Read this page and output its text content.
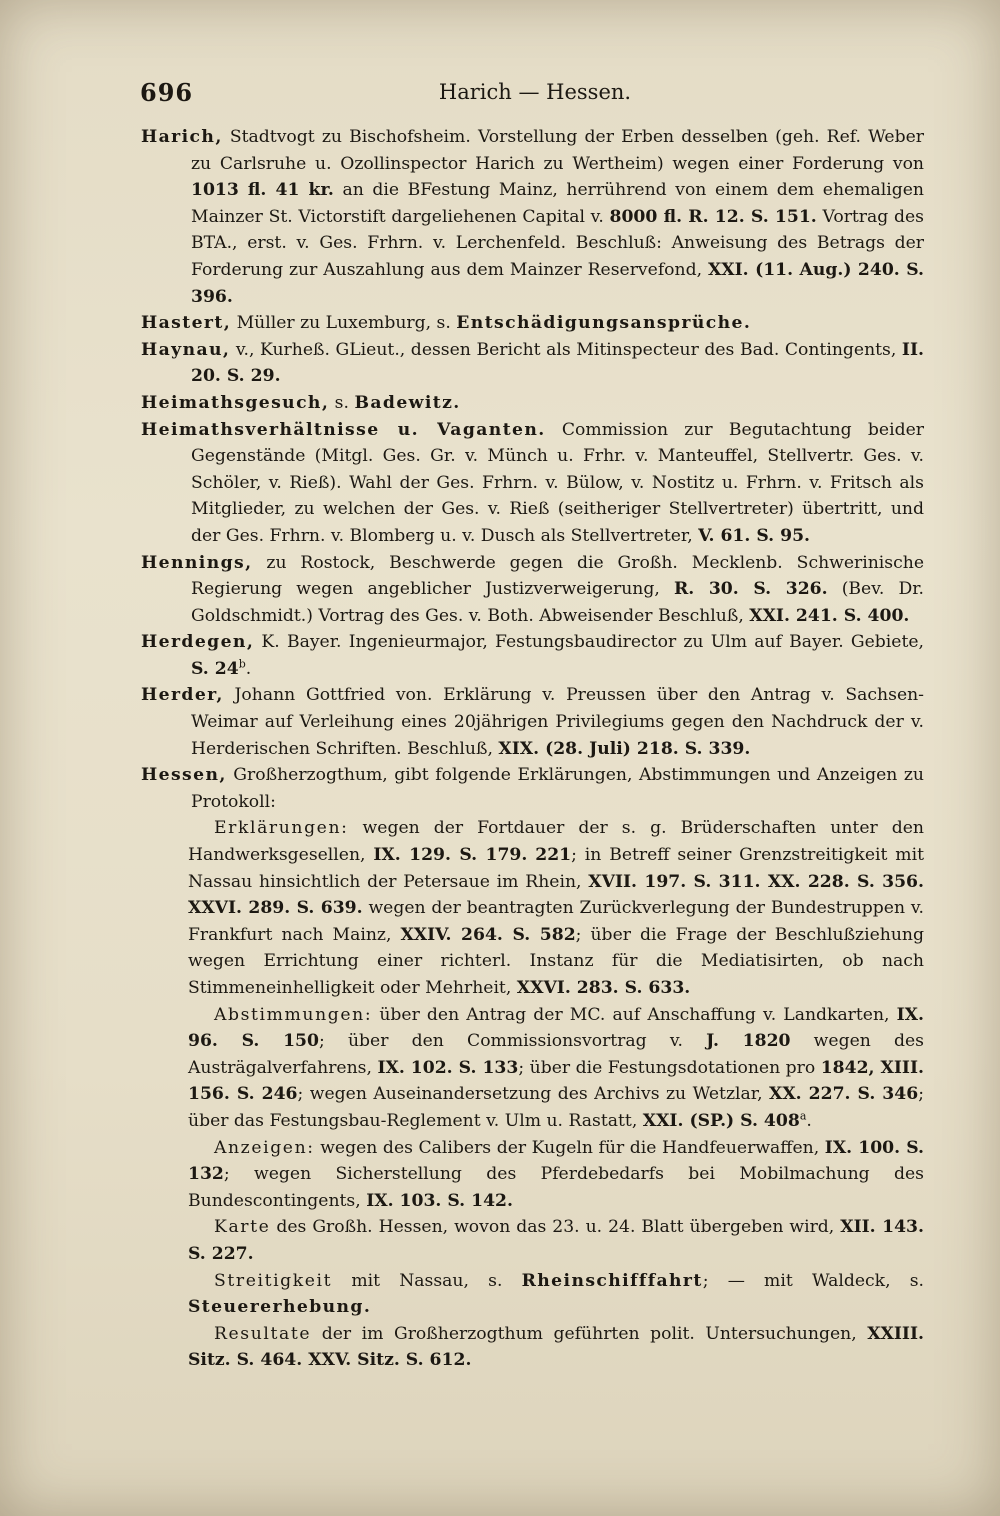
696	Harich — Hessen.

Harich, Stadtvogt zu Bischofsheim. Vorstellung der Erben desselben (geh. Ref. Weber zu Carlsruhe u. Ozollinspector Harich zu Wertheim) wegen einer Forderung von 1013 fl. 41 kr. an die BFestung Mainz, herrührend von einem dem ehemaligen Mainzer St. Victorstift dargeliehenen Capital v. 8000 fl. R. 12. S. 151. Vortrag des BTA., erst. v. Ges. Frhrn. v. Lerchenfeld. Beschluß: Anweisung des Betrags der Forderung zur Auszahlung aus dem Mainzer Reservefond, XXI. (11. Aug.) 240. S. 396.

Hastert, Müller zu Luxemburg, s. Entschädigungsansprüche.

Haynau, v., Kurheß. GLieut., dessen Bericht als Mitinspecteur des Bad. Contingents, II. 20. S. 29.

Heimathsgesuch, s. Badewitz.

Heimathsverhältnisse u. Vaganten. Commission zur Begutachtung beider Gegenstände (Mitgl. Ges. Gr. v. Münch u. Frhr. v. Manteuffel, Stellvertr. Ges. v. Schöler, v. Rieß). Wahl der Ges. Frhrn. v. Bülow, v. Nostitz u. Frhrn. v. Fritsch als Mitglieder, zu welchen der Ges. v. Rieß (seitheriger Stellvertreter) übertritt, und der Ges. Frhrn. v. Blomberg u. v. Dusch als Stellvertreter, V. 61. S. 95.

Hennings, zu Rostock, Beschwerde gegen die Großh. Mecklenb. Schwerinische Regierung wegen angeblicher Justizverweigerung, R. 30. S. 326. (Bev. Dr. Goldschmidt.) Vortrag des Ges. v. Both. Abweisender Beschluß, XXI. 241. S. 400.

Herdegen, K. Bayer. Ingenieurmajor, Festungsbaudirector zu Ulm auf Bayer. Gebiete, S. 24$^b$.

Herder, Johann Gottfried von. Erklärung v. Preussen über den Antrag v. Sachsen-Weimar auf Verleihung eines 20jährigen Privilegiums gegen den Nachdruck der v. Herderischen Schriften. Beschluß, XIX. (28. Juli) 218. S. 339.

Hessen, Großherzogthum, gibt folgende Erklärungen, Abstimmungen und Anzeigen zu Protokoll:

Erklärungen: wegen der Fortdauer der s. g. Brüderschaften unter den Handwerksgesellen, IX. 129. S. 179. 221; in Betreff seiner Grenzstreitigkeit mit Nassau hinsichtlich der Petersaue im Rhein, XVII. 197. S. 311. XX. 228. S. 356. XXVI. 289. S. 639. wegen der beantragten Zurückverlegung der Bundestruppen v. Frankfurt nach Mainz, XXIV. 264. S. 582; über die Frage der Beschlußziehung wegen Errichtung einer richterl. Instanz für die Mediatisirten, ob nach Stimmeneinhelligkeit oder Mehrheit, XXVI. 283. S. 633.

Abstimmungen: über den Antrag der MC. auf Anschaffung v. Landkarten, IX. 96. S. 150; über den Commissionsvortrag v. J. 1820 wegen des Austrägalverfahrens, IX. 102. S. 133; über die Festungsdotationen pro 1842, XIII. 156. S. 246; wegen Auseinandersetzung des Archivs zu Wetzlar, XX. 227. S. 346; über das Festungsbau-Reglement v. Ulm u. Rastatt, XXI. (SP.) S. 408$^a$.

Anzeigen: wegen des Calibers der Kugeln für die Handfeuerwaffen, IX. 100. S. 132; wegen Sicherstellung des Pferdebedarfs bei Mobilmachung des Bundescontingents, IX. 103. S. 142.

Karte des Großh. Hessen, wovon das 23. u. 24. Blatt übergeben wird, XII. 143. S. 227.

Streitigkeit mit Nassau, s. Rheinschifffahrt; — mit Waldeck, s. Steuererhebung.

Resultate der im Großherzogthum geführten polit. Untersuchungen, XXIII. Sitz. S. 464. XXV. Sitz. S. 612.
